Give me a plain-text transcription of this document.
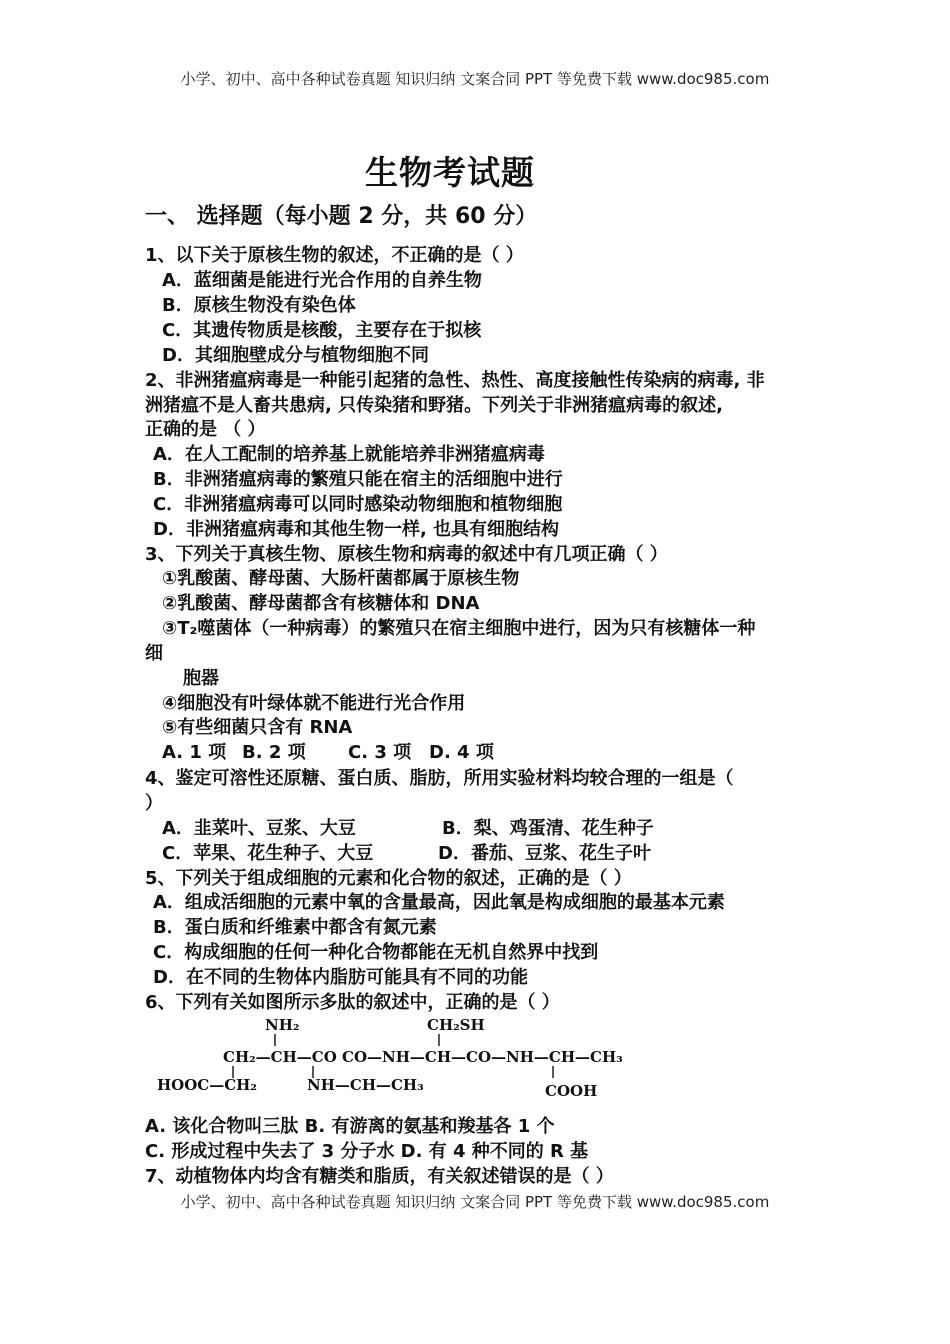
小学、初中、高中各种试卷真题 知识归纳 文案合同 PPT 等免费下载 www.doc985.com
生物考试题
一、 选择题（每小题 2 分，共 60 分）
1、以下关于原核生物的叙述，不正确的是（ ）
A．蓝细菌是能进行光合作用的自养生物
B．原核生物没有染色体
C．其遗传物质是核酸，主要存在于拟核
D．其细胞壁成分与植物细胞不同
2、非洲猪瘟病毒是一种能引起猪的急性、热性、高度接触性传染病的病毒, 非
洲猪瘟不是人畜共患病, 只传染猪和野猪。下列关于非洲猪瘟病毒的叙述,
正确的是 （ ）
A．在人工配制的培养基上就能培养非洲猪瘟病毒
B．非洲猪瘟病毒的繁殖只能在宿主的活细胞中进行
C．非洲猪瘟病毒可以同时感染动物细胞和植物细胞
D．非洲猪瘟病毒和其他生物一样, 也具有细胞结构
3、下列关于真核生物、原核生物和病毒的叙述中有几项正确（ ）
①乳酸菌、酵母菌、大肠杆菌都属于原核生物
②乳酸菌、酵母菌都含有核糖体和 DNA
③T₂噬菌体（一种病毒）的繁殖只在宿主细胞中进行，因为只有核糖体一种
细
胞器
④细胞没有叶绿体就不能进行光合作用
⑤有些细菌只含有 RNA
A. 1 项 B. 2 项 C. 3 项 D. 4 项
4、鉴定可溶性还原糖、蛋白质、脂肪，所用实验材料均较合理的一组是（
）
A．韭菜叶、豆浆、大豆	B．梨、鸡蛋清、花生种子
C．苹果、花生种子、大豆	D．番茄、豆浆、花生子叶
5、下列关于组成细胞的元素和化合物的叙述，正确的是（ ）
A．组成活细胞的元素中氧的含量最高，因此氧是构成细胞的最基本元素
B．蛋白质和纤维素中都含有氮元素
C．构成细胞的任何一种化合物都能在无机自然界中找到
D．在不同的生物体内脂肪可能具有不同的功能
6、下列有关如图所示多肽的叙述中，正确的是（ ）
NH₂	CH₂SH
CH₂—CH—CO CO—NH—CH—CO—NH—CH—CH₃
HOOC—CH₂	NH—CH—CH₃	COOH
A. 该化合物叫三肽 B. 有游离的氨基和羧基各 1 个
C. 形成过程中失去了 3 分子水 D. 有 4 种不同的 R 基
7、动植物体内均含有糖类和脂质，有关叙述错误的是（ ）
小学、初中、高中各种试卷真题 知识归纳 文案合同 PPT 等免费下载 www.doc985.com
